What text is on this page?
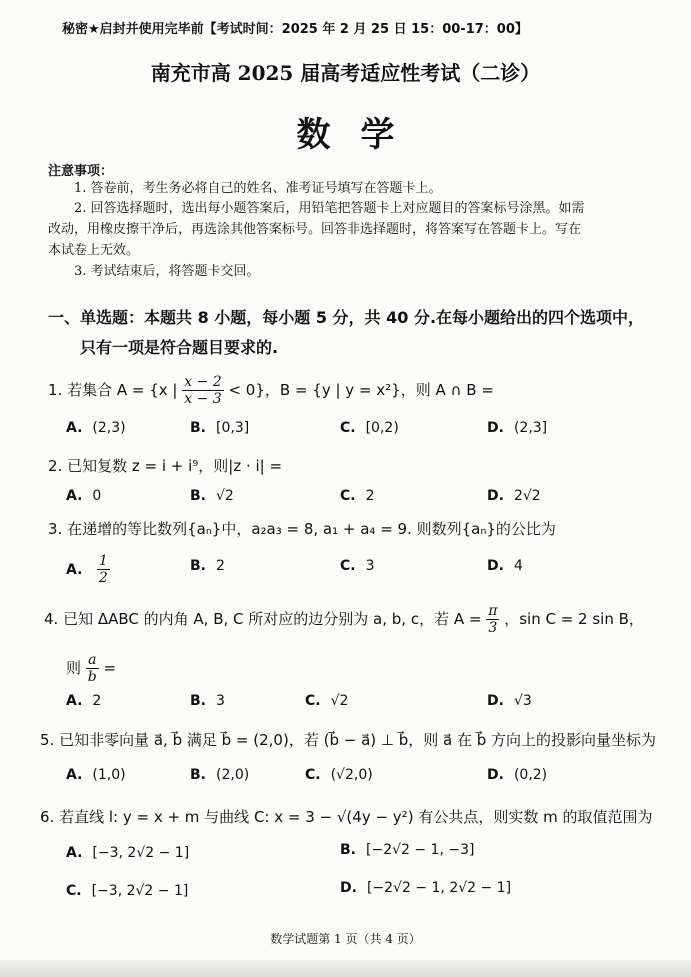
秘密★启封并使用完毕前【考试时间：2025 年 2 月 25 日 15：00-17：00】
南充市高 2025 届高考适应性考试（二诊）
数学
注意事项：
1. 答卷前，考生务必将自己的姓名、准考证号填写在答题卡上。
2. 回答选择题时，选出每小题答案后，用铅笔把答题卡上对应题目的答案标号涂黑。如需
改动，用橡皮擦干净后，再选涂其他答案标号。回答非选择题时，将答案写在答题卡上。写在
本试卷上无效。
3. 考试结束后，将答题卡交回。
一、单选题：本题共 8 小题，每小题 5 分，共 40 分.在每小题给出的四个选项中，
只有一项是符合题目要求的.
1. 若集合 A = {x | $\frac{x - 2}{x - 3} < 0$}，B = {y | y = x²}，则 A ∩ B =
A. (2,3)	B. [0,3]	C. [0,2)	D. (2,3]
2. 已知复数 z = i + i⁹，则|z · i| =
A. 0	B. √2	C. 2	D. 2√2
3. 在递增的等比数列{aₙ}中，a₂a₃ = 8, a₁ + a₄ = 9. 则数列{aₙ}的公比为
A. $\frac{1}{2}$	B. 2	C. 3	D. 4
4. 已知 ΔABC 的内角 A, B, C 所对应的边分别为 a, b, c，若 $A = \frac{\pi}{3}$ ，sin C = 2 sin B，
则 $\frac{a}{b}$ =
A. 2	B. 3	C. √2	D. √3
5. 已知非零向量 a⃗, b⃗ 满足 b⃗ = (2,0)，若 (b⃗ − a⃗) ⊥ b⃗，则 a⃗ 在 b⃗ 方向上的投影向量坐标为
A. (1,0)	B. (2,0)	C. (√2,0)	D. (0,2)
6. 若直线 l: y = x + m 与曲线 C: x = 3 − √(4y − y²) 有公共点，则实数 m 的取值范围为
A. [−3, 2√2 − 1]	B. [−2√2 − 1, −3]
C. [−3, 2√2 − 1]	D. [−2√2 − 1, 2√2 − 1]
数学试题第 1 页（共 4 页）
